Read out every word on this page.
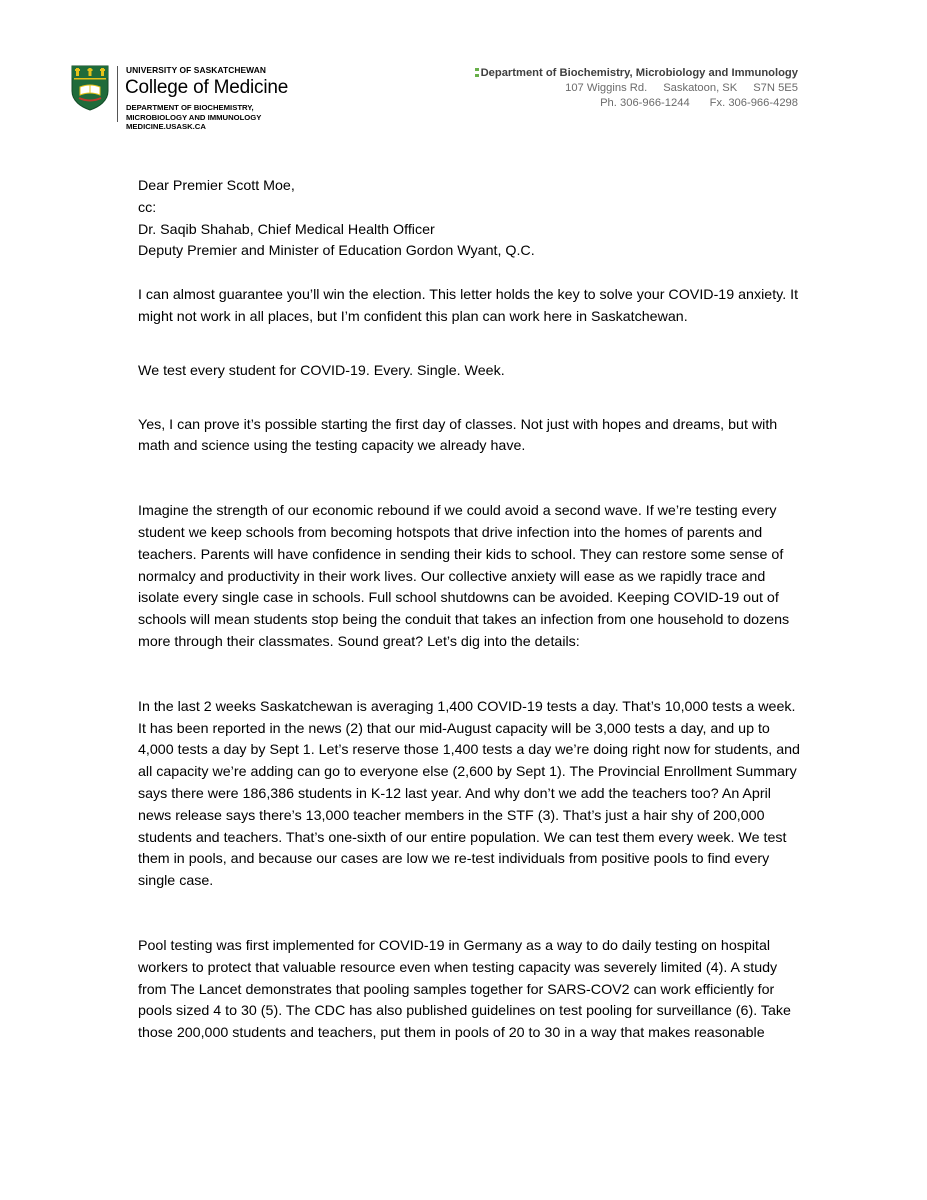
UNIVERSITY OF SASKATCHEWAN
College of Medicine
DEPARTMENT OF BIOCHEMISTRY,
MICROBIOLOGY AND IMMUNOLOGY
MEDICINE.USASK.CA
Department of Biochemistry, Microbiology and Immunology
107 Wiggins Rd. Saskatoon, SK S7N 5E5
Ph. 306-966-1244 Fx. 306-966-4298

Dear Premier Scott Moe,

cc:

Dr. Saqib Shahab, Chief Medical Health Officer

Deputy Premier and Minister of Education Gordon Wyant, Q.C.

I can almost guarantee you’ll win the election. This letter holds the key to solve your COVID-19 anxiety. It might not work in all places, but I’m confident this plan can work here in Saskatchewan.

We test every student for COVID-19. Every. Single. Week.

Yes, I can prove it’s possible starting the first day of classes. Not just with hopes and dreams, but with math and science using the testing capacity we already have.

Imagine the strength of our economic rebound if we could avoid a second wave. If we’re testing every student we keep schools from becoming hotspots that drive infection into the homes of parents and teachers. Parents will have confidence in sending their kids to school. They can restore some sense of normalcy and productivity in their work lives. Our collective anxiety will ease as we rapidly trace and isolate every single case in schools. Full school shutdowns can be avoided. Keeping COVID-19 out of schools will mean students stop being the conduit that takes an infection from one household to dozens more through their classmates. Sound great? Let’s dig into the details:

In the last 2 weeks Saskatchewan is averaging 1,400 COVID-19 tests a day. That’s 10,000 tests a week. It has been reported in the news (2) that our mid-August capacity will be 3,000 tests a day, and up to 4,000 tests a day by Sept 1. Let’s reserve those 1,400 tests a day we’re doing right now for students, and all capacity we’re adding can go to everyone else (2,600 by Sept 1). The Provincial Enrollment Summary says there were 186,386 students in K-12 last year. And why don’t we add the teachers too? An April news release says there’s 13,000 teacher members in the STF (3). That’s just a hair shy of 200,000 students and teachers. That’s one-sixth of our entire population. We can test them every week. We test them in pools, and because our cases are low we re-test individuals from positive pools to find every single case.

Pool testing was first implemented for COVID-19 in Germany as a way to do daily testing on hospital workers to protect that valuable resource even when testing capacity was severely limited (4). A study from The Lancet demonstrates that pooling samples together for SARS-COV2 can work efficiently for pools sized 4 to 30 (5). The CDC has also published guidelines on test pooling for surveillance (6). Take those 200,000 students and teachers, put them in pools of 20 to 30 in a way that makes reasonable
